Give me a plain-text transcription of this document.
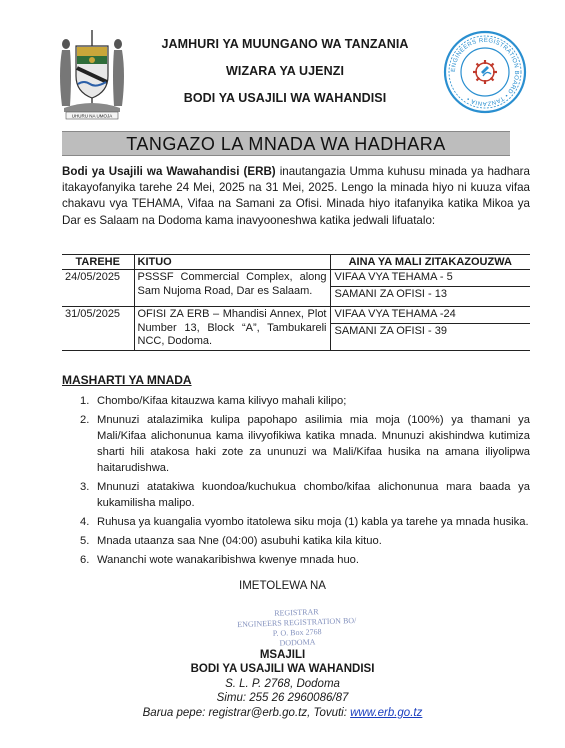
UHURU NA UMOJA
JAMHURI YA MUUNGANO WA TANZANIA
WIZARA YA UJENZI
BODI YA USAJILI WA WAHANDISI
ENGINEERS REGISTRATION BOARD • TANZANIA •
TANGAZO LA MNADA WA HADHARA

Bodi ya Usajili wa Wawahandisi (ERB) inautangazia Umma kuhusu minada ya hadhara itakayofanyika tarehe 24 Mei, 2025 na 31 Mei, 2025. Lengo la minada hiyo ni kuuza vifaa chakavu vya TEHAMA, Vifaa na Samani za Ofisi. Minada hiyo itafanyika katika Mikoa ya Dar es Salaam na Dodoma kama inavyooneshwa katika jedwali lifuatalo:

TAREHE	KITUO	AINA YA MALI ZITAKAZOUZWA
24/05/2025	PSSSF Commercial Complex, along Sam Nujoma Road, Dar es Salaam.	VIFAA VYA TEHAMA - 5
SAMANI ZA OFISI - 13

31/05/2025	OFISI ZA ERB – Mhandisi Annex, Plot Number 13, Block “A”, Tambukareli NCC, Dodoma.	VIFAA VYA TEHAMA -24
SAMANI ZA OFISI - 39
MASHARTI YA MNADA
1. Chombo/Kifaa kitauzwa kama kilivyo mahali kilipo;
2. Mnunuzi atalazimika kulipa papohapo asilimia mia moja (100%) ya thamani ya Mali/Kifaa alichonunua kama ilivyofikiwa katika mnada. Mnunuzi akishindwa kutimiza sharti hili atakosa haki zote za ununuzi wa Mali/Kifaa husika na amana iliyolipwa haitarudishwa.
3. Mnunuzi atatakiwa kuondoa/kuchukua chombo/kifaa alichonunua mara baada ya kukamilisha malipo.
4. Ruhusa ya kuangalia vyombo itatolewa siku moja (1) kabla ya tarehe ya mnada husika.
5. Mnada utaanza saa Nne (04:00) asubuhi katika kila kituo.
6. Wananchi wote wanakaribishwa kwenye mnada huo.
IMETOLEWA NA
REGISTRAR
ENGINEERS REGISTRATION BO/
P. O. Box 2768
DODOMA
MSAJILI
BODI YA USAJILI WA WAHANDISI
S. L. P. 2768, Dodoma
Simu: 255 26 2960086/87
Barua pepe: registrar@erb.go.tz, Tovuti: www.erb.go.tz
